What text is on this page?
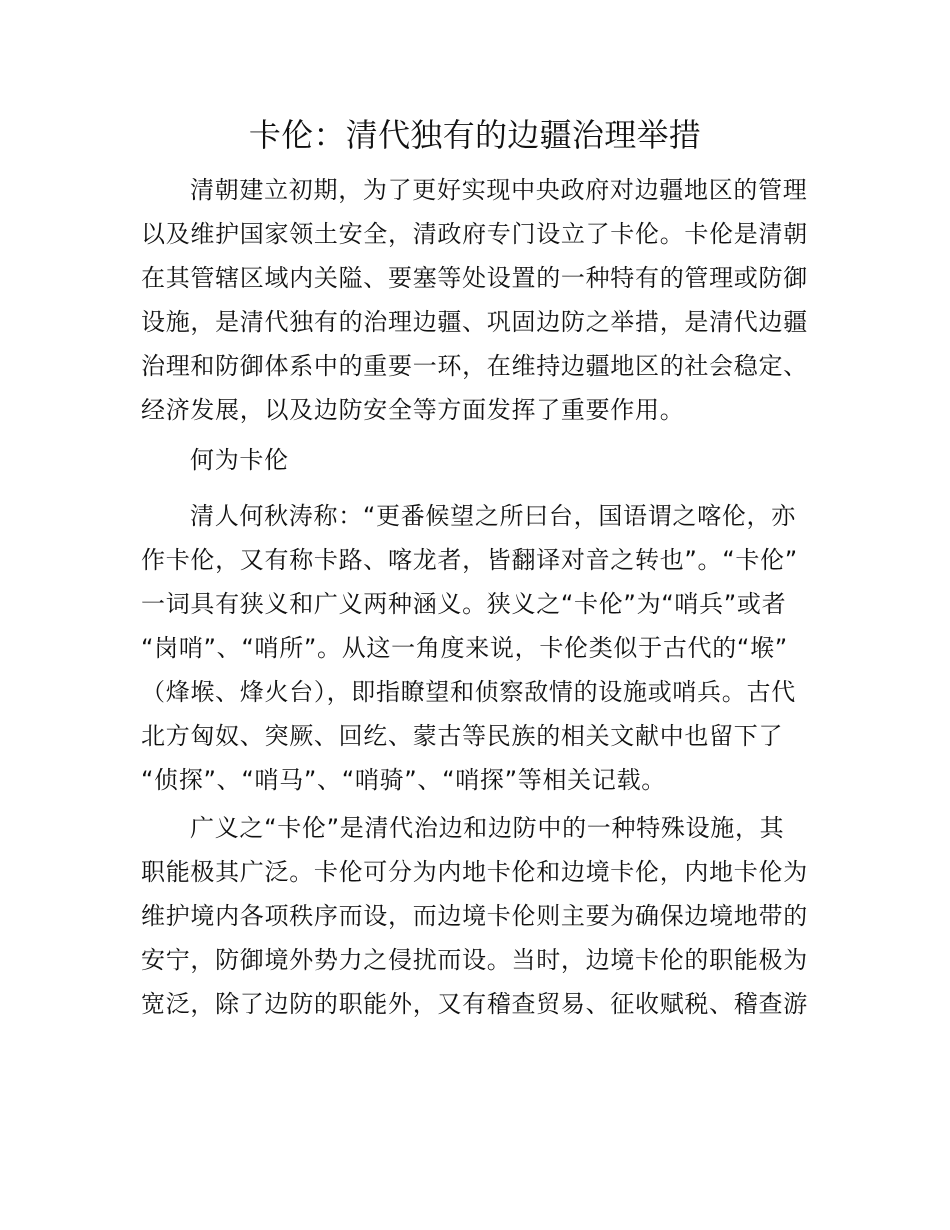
卡伦：清代独有的边疆治理举措

清朝建立初期，为了更好实现中央政府对边疆地区的管理
以及维护国家领土安全，清政府专门设立了卡伦。卡伦是清朝
在其管辖区域内关隘、要塞等处设置的一种特有的管理或防御
设施，是清代独有的治理边疆、巩固边防之举措，是清代边疆
治理和防御体系中的重要一环，在维持边疆地区的社会稳定、
经济发展，以及边防安全等方面发挥了重要作用。

何为卡伦

清人何秋涛称：“更番候望之所曰台，国语谓之喀伦，亦
作卡伦，又有称卡路、喀龙者，皆翻译对音之转也”。“卡伦”
一词具有狭义和广义两种涵义。狭义之“卡伦”为“哨兵”或者
“岗哨”、“哨所”。从这一角度来说，卡伦类似于古代的“堠”
（烽堠、烽火台），即指瞭望和侦察敌情的设施或哨兵。古代
北方匈奴、突厥、回纥、蒙古等民族的相关文献中也留下了
“侦探”、“哨马”、“哨骑”、“哨探”等相关记载。

广义之“卡伦”是清代治边和边防中的一种特殊设施，其
职能极其广泛。卡伦可分为内地卡伦和边境卡伦，内地卡伦为
维护境内各项秩序而设，而边境卡伦则主要为确保边境地带的
安宁，防御境外势力之侵扰而设。当时，边境卡伦的职能极为
宽泛，除了边防的职能外，又有稽查贸易、征收赋税、稽查游
